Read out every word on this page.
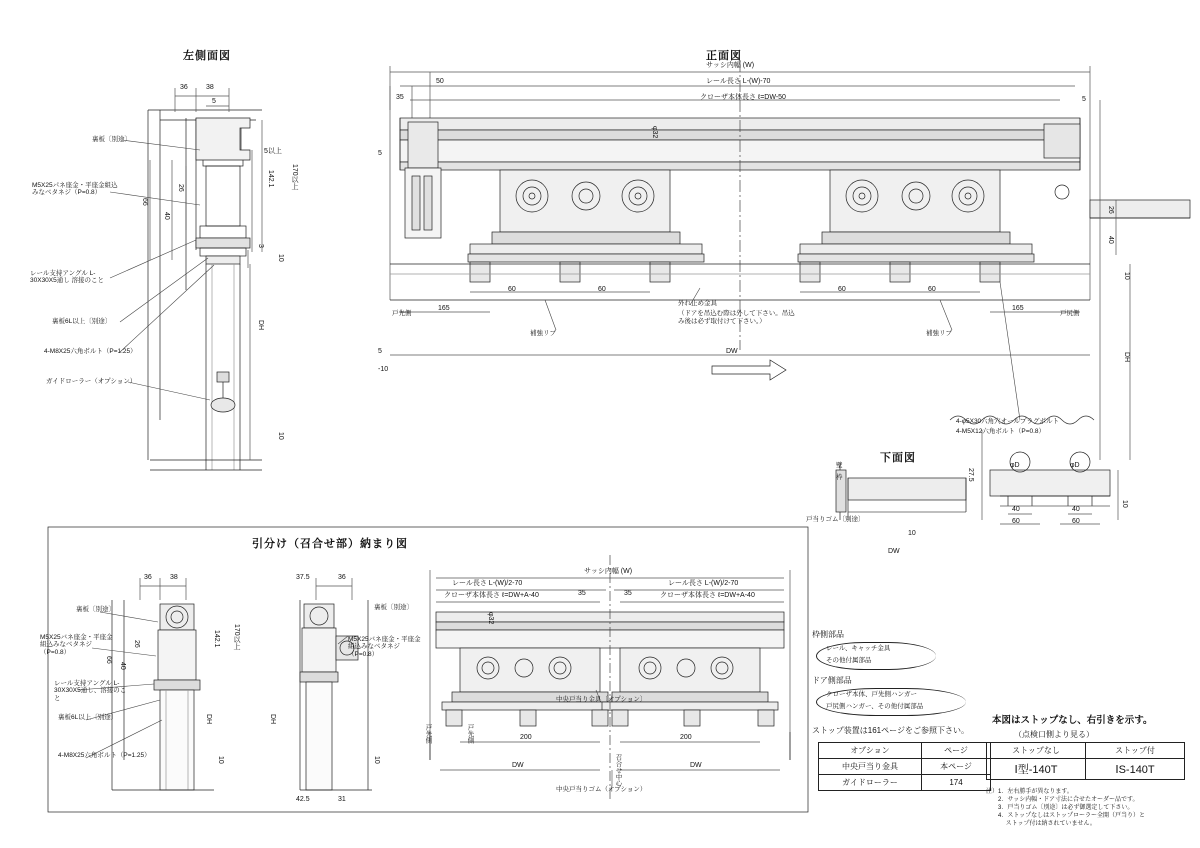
左側面図	正面図
下面図
引分け（召合せ部）納まり図
裏板〔別途〕
M5X25パネ座金・平座金組込みなベタネジ（P=0.8）
レール支持アングル L-30X30X5通し 溶接のこと
裏板6L以上〔別途〕
4-M8X25六角ボルト（P=1.25）
ガイドローラー（オプション）
36	38
5
5以上
142.1 170以上
66
40
26
3
10
10
DH
サッシ内幅 (W)
レール長さ L-(W)-70
クローザ本体長さ ℓ=DW-50
50
35
5
5
φ32
60	60	60	60
165	165
DW
5
-10
26
40
10
DH
戸先側	戸尻側
外れ止め金具
（ドアを吊込む際は外して下さい。吊込み後は必ず取付けて下さい。）
補強リブ	補強リブ
4-φ5X30六角穴オールプラグボルト
4-M5X12六角ボルト（P=0.8）
壁
枠
戸当りゴム〔別途〕
DW
10
φD	φD
40
60
40
60
27.5
10
裏板〔別途〕
M5X25バネ座金・平座金組込みなベタネジ（P=0.8）
レール支持アングル L-30X30X5通し、溶接のこと
裏板6L以上〔別途〕
4-M8X25六角ボルト（P=1.25）
裏板〔別途〕
M5X25バネ座金・平座金組込みなベタネジ（P=0.8）
中央戸当り金具〔オプション〕
中央戸当りゴム（オプション）
サッシ内幅 (W)
レール長さ L-(W)/2-70	レール長さ L-(W)/2-70
クローザ本体長さ ℓ=DW+A-40	クローザ本体長さ ℓ=DW+A-40
35	35
200	200
DW	DW
36	38	37.5	36
42.5	31
142.1 170以上
66
40
26
10	10
φ32
DH	DH
戸先側	戸先側
召合せ中心
枠側部品
レール、キャッチ金具
その他付属部品
ドア側部品
クローザ本体、戸先側ハンガー
戸尻側ハンガー、その他付属部品
ストップ装置は161ページをご参照下さい。
オプション	ページ
中央戸当り金具	本ページ
ガイドローラー	174
ストップなし	ストップ付
Ⅰ型-140T	ⅠS-140T
本図はストップなし、右引きを示す。
（点検口側より見る）
注）1．左右勝手が異なります。
　　2．サッシ内幅・ドア寸法に合せたオーダー品です。
　　3．戸当りゴム〔別途〕は必ず御選定して下さい。
　　4．ストップなしはストップローラー全開（戸当り）と
　　　 ストップ付は納されていません。
